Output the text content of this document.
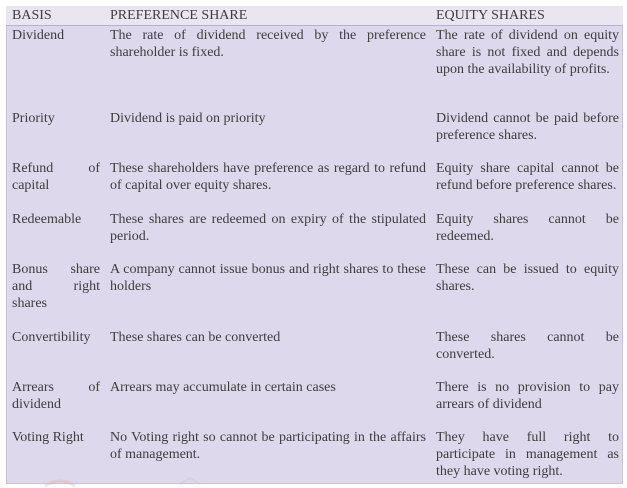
BASIS	PREFERENCE SHARE	EQUITY SHARES
Dividend	The rate of dividend received by the preference shareholder is fixed.	The rate of dividend on equity share is not fixed and depends upon the availability of profits.
Priority	Dividend is paid on priority	Dividend cannot be paid before preference shares.
Refund of capital	These shareholders have preference as regard to refund of capital over equity shares.	Equity share capital cannot be refund before preference shares.
Redeemable	These shares are redeemed on expiry of the stipulated period.	Equity shares cannot be redeemed.
Bonus share and right shares	A company cannot issue bonus and right shares to these holders	These can be issued to equity shares.
Convertibility	These shares can be converted	These shares cannot be converted.
Arrears of dividend	Arrears may accumulate in certain cases	There is no provision to pay arrears of dividend
Voting Right	No Voting right so cannot be participating in the affairs of management.	They have full right to participate in management as they have voting right.
